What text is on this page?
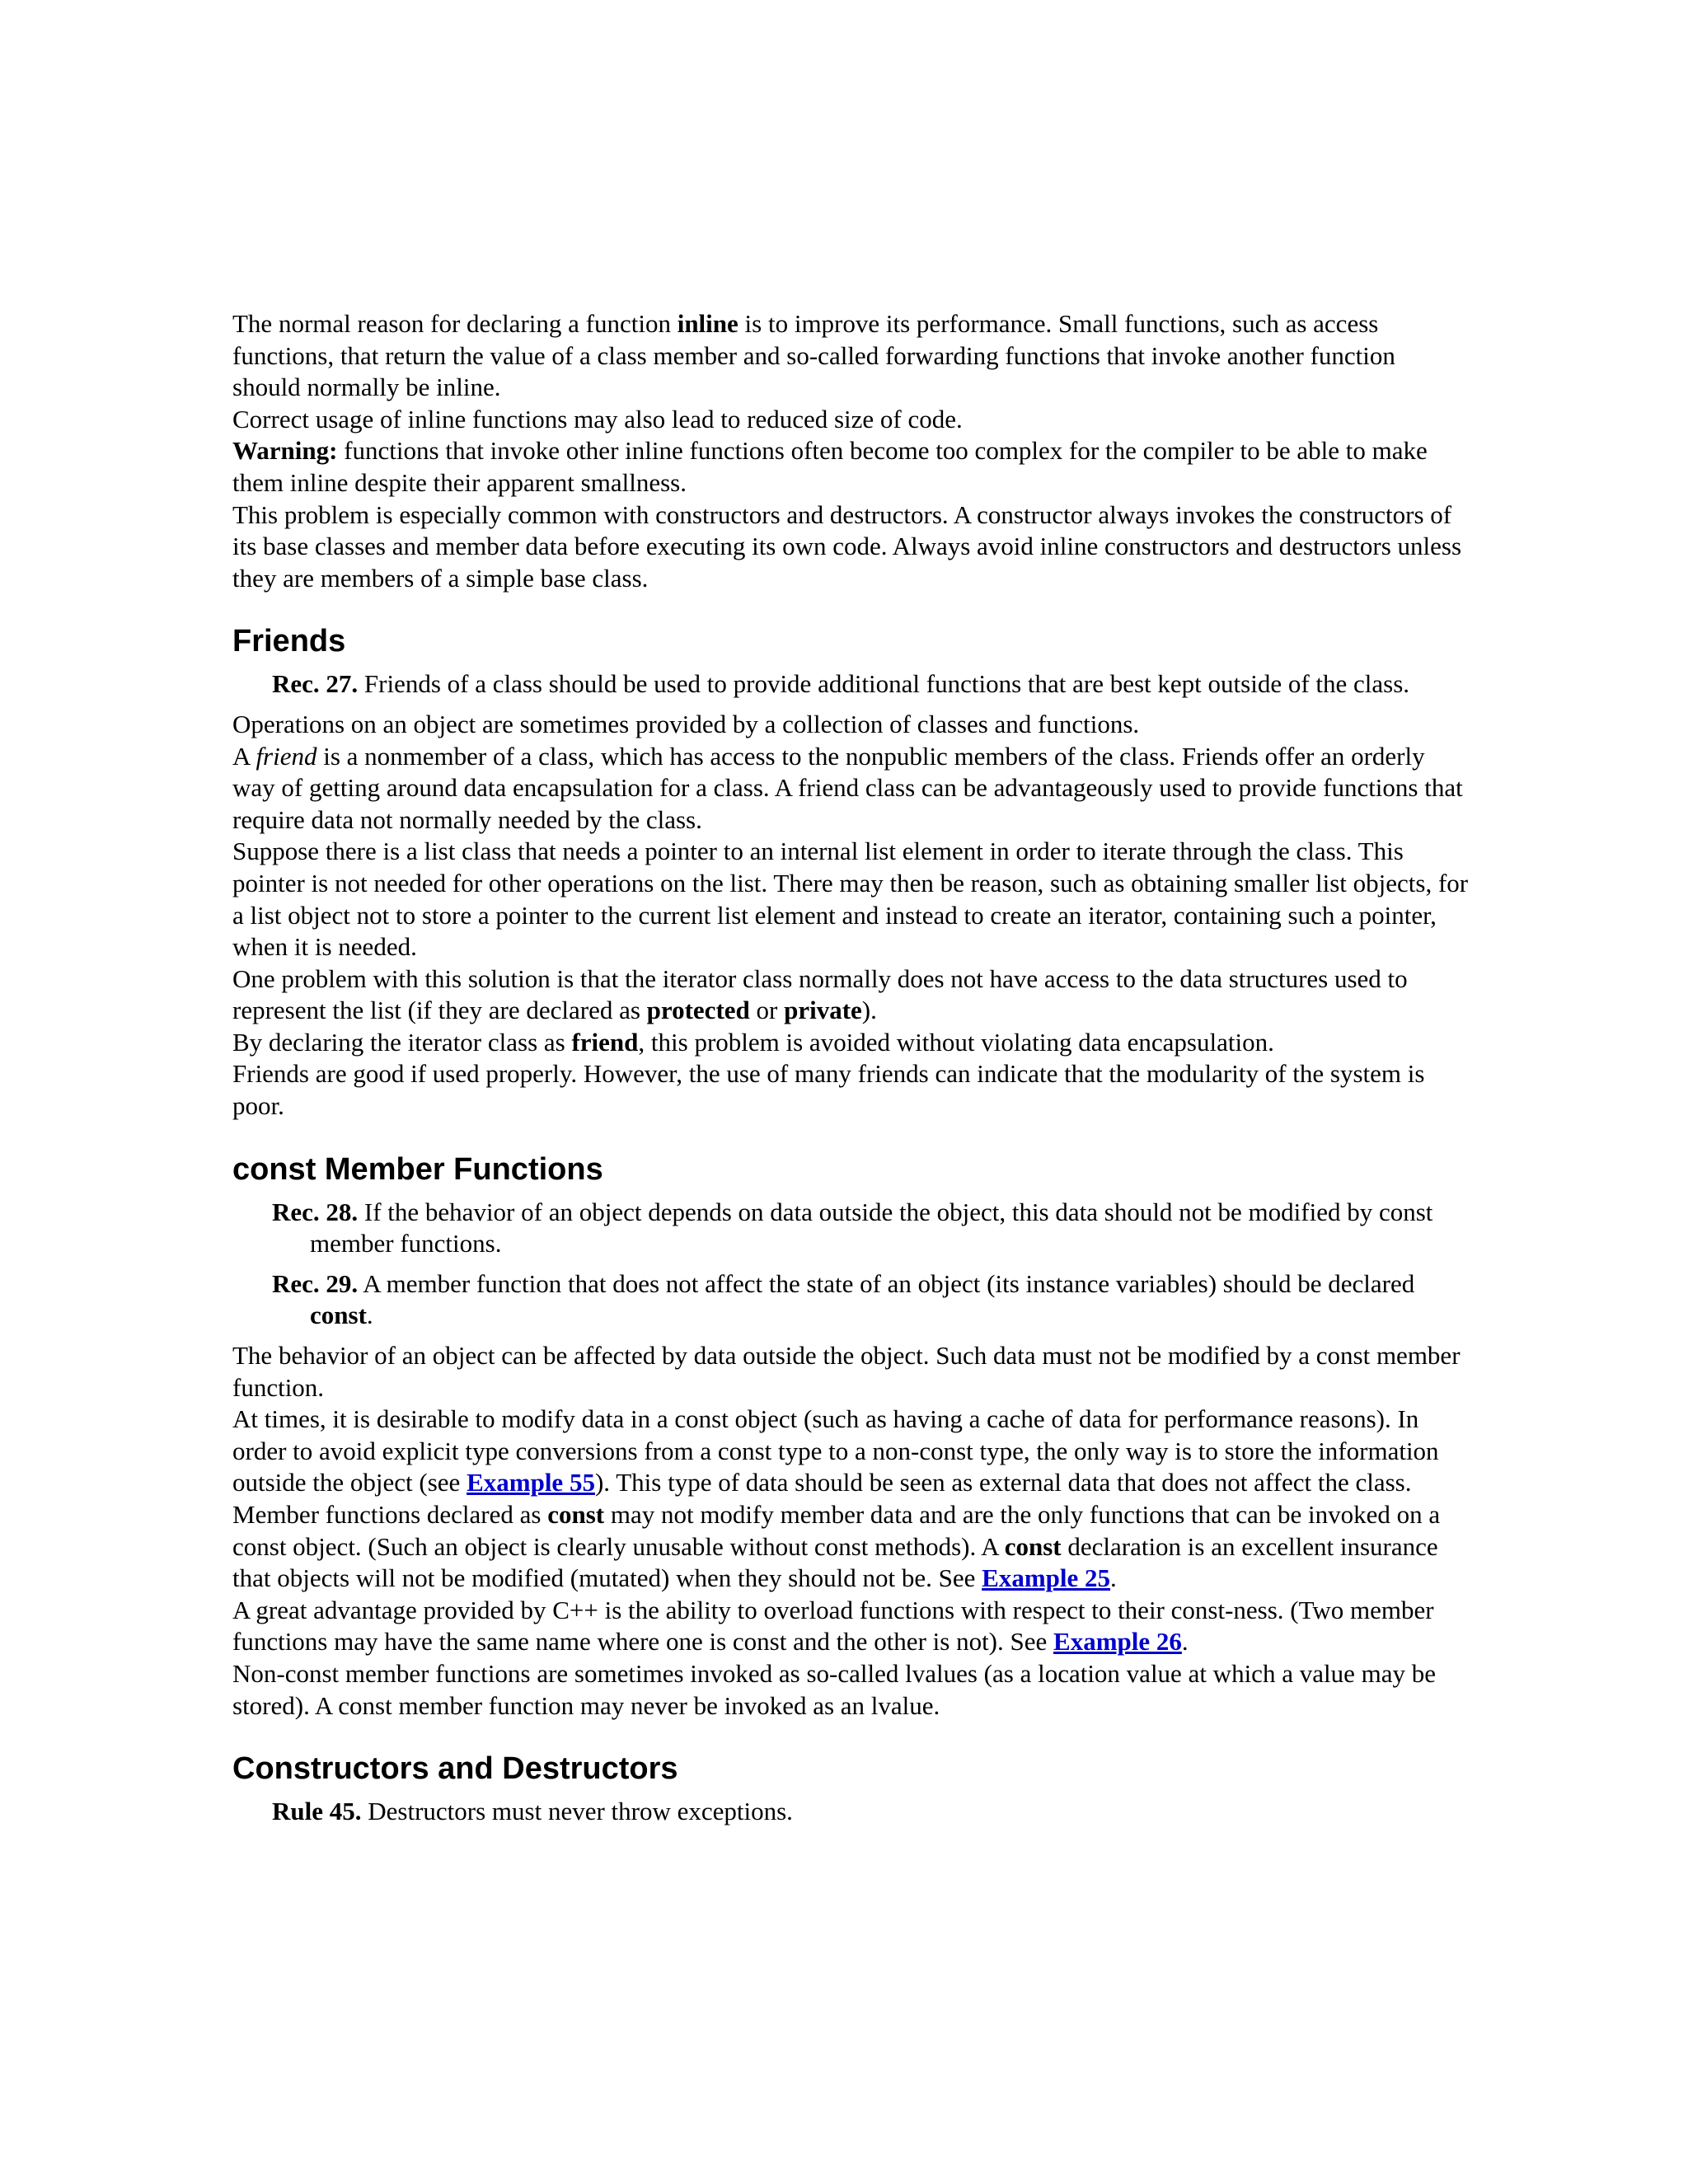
The normal reason for declaring a function inline is to improve its performance. Small functions, such as access functions, that return the value of a class member and so-called forwarding functions that invoke another function should normally be inline.

Correct usage of inline functions may also lead to reduced size of code.

Warning: functions that invoke other inline functions often become too complex for the compiler to be able to make them inline despite their apparent smallness.

This problem is especially common with constructors and destructors. A constructor always invokes the constructors of its base classes and member data before executing its own code. Always avoid inline constructors and destructors unless they are members of a simple base class.

Friends

Rec. 27. Friends of a class should be used to provide additional functions that are best kept outside of the class.

Operations on an object are sometimes provided by a collection of classes and functions.

A friend is a nonmember of a class, which has access to the nonpublic members of the class. Friends offer an orderly way of getting around data encapsulation for a class. A friend class can be advantageously used to provide functions that require data not normally needed by the class.

Suppose there is a list class that needs a pointer to an internal list element in order to iterate through the class. This pointer is not needed for other operations on the list. There may then be reason, such as obtaining smaller list objects, for a list object not to store a pointer to the current list element and instead to create an iterator, containing such a pointer, when it is needed.

One problem with this solution is that the iterator class normally does not have access to the data structures used to represent the list (if they are declared as protected or private).

By declaring the iterator class as friend, this problem is avoided without violating data encapsulation.

Friends are good if used properly. However, the use of many friends can indicate that the modularity of the system is poor.

const Member Functions

Rec. 28. If the behavior of an object depends on data outside the object, this data should not be modified by const member functions.

Rec. 29. A member function that does not affect the state of an object (its instance variables) should be declared const.

The behavior of an object can be affected by data outside the object. Such data must not be modified by a const member function.

At times, it is desirable to modify data in a const object (such as having a cache of data for performance reasons). In order to avoid explicit type conversions from a const type to a non-const type, the only way is to store the information outside the object (see Example 55). This type of data should be seen as external data that does not affect the class.

Member functions declared as const may not modify member data and are the only functions that can be invoked on a const object. (Such an object is clearly unusable without const methods). A const declaration is an excellent insurance that objects will not be modified (mutated) when they should not be. See Example 25.

A great advantage provided by C++ is the ability to overload functions with respect to their const-ness. (Two member functions may have the same name where one is const and the other is not). See Example 26.

Non-const member functions are sometimes invoked as so-called lvalues (as a location value at which a value may be stored). A const member function may never be invoked as an lvalue.

Constructors and Destructors

Rule 45. Destructors must never throw exceptions.
